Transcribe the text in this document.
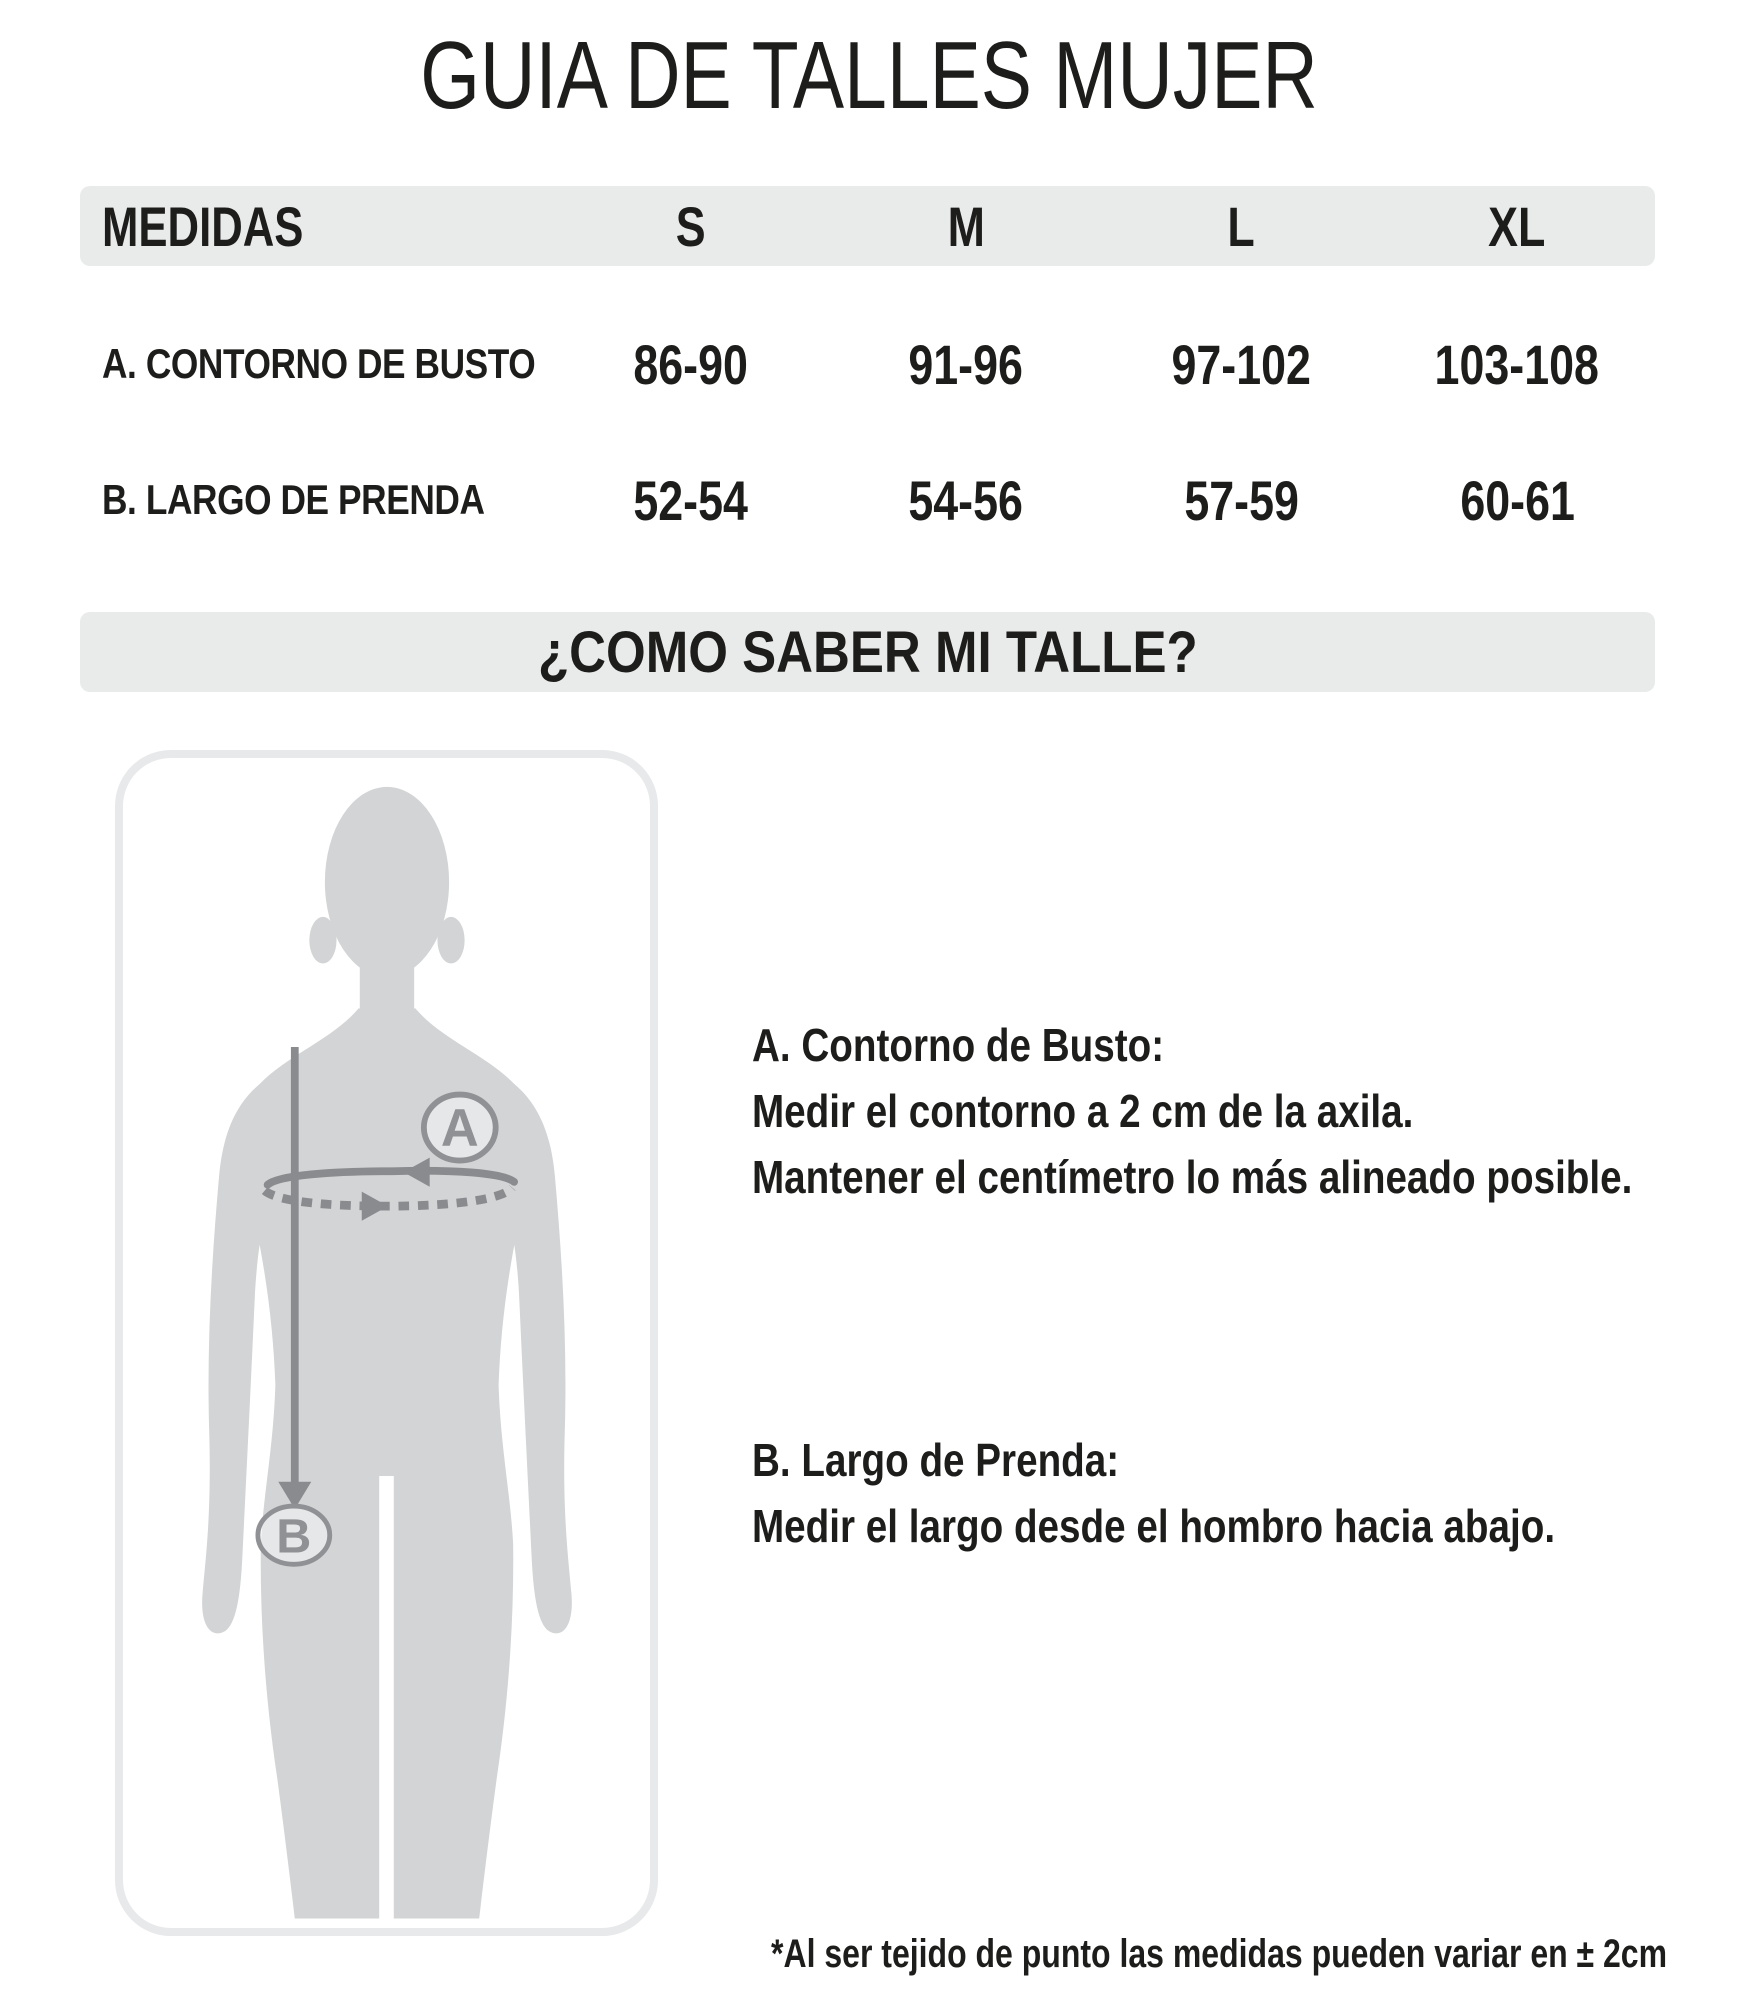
GUIA DE TALLES MUJER
MEDIDAS	S	M	L	XL
A. CONTORNO DE BUSTO	86-90	91-96	97-102	103-108
B. LARGO DE PRENDA	52-54	54-56	57-59	60-61
¿COMO SABER MI TALLE?
A
B
A. Contorno de Busto:
Medir el contorno a 2 cm de la axila.
Mantener el centímetro lo más alineado posible.
B. Largo de Prenda:
Medir el largo desde el hombro hacia abajo.
*Al ser tejido de punto las medidas pueden variar en ± 2cm
